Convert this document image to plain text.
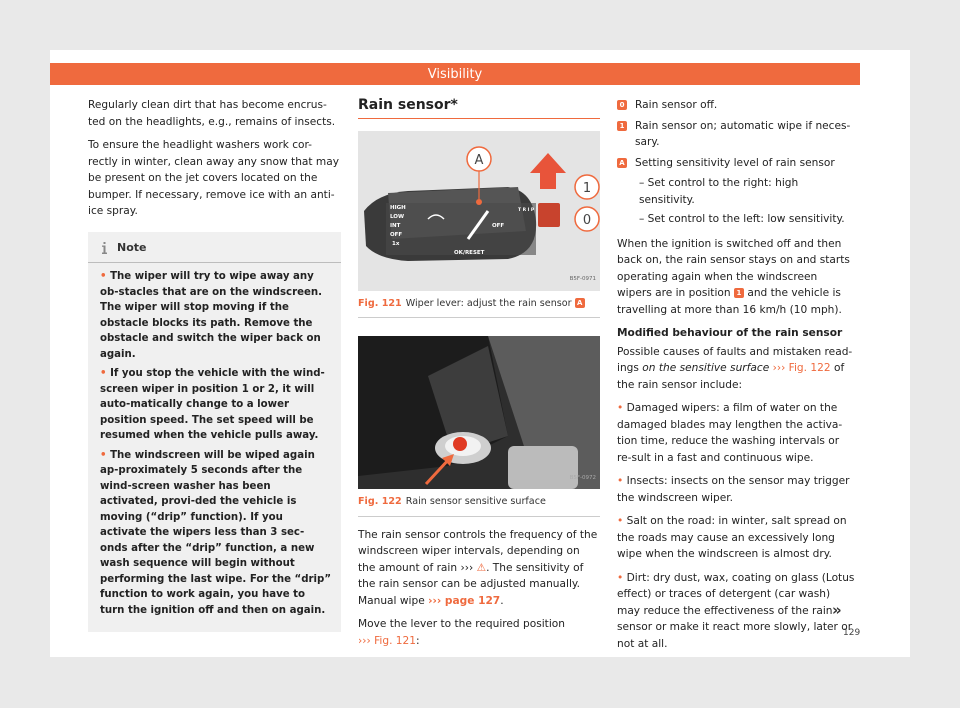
Visibility

Regularly clean dirt that has become encrus-ted on the headlights, e.g., remains of insects.

To ensure the headlight washers work cor-rectly in winter, clean away any snow that may be present on the jet covers located on the bumper. If necessary, remove ice with an anti-ice spray.

Note
• The wiper will try to wipe away any ob-stacles that are on the windscreen. The wiper will stop moving if the obstacle blocks its path. Remove the obstacle and switch the wiper back on again.
• If you stop the vehicle with the wind-screen wiper in position 1 or 2, it will auto-matically change to a lower position speed. The set speed will be resumed when the vehicle pulls away.
• The windscreen will be wiped again ap-proximately 5 seconds after the wind-screen washer has been activated, provi-ded the vehicle is moving (“drip” function). If you activate the wipers less than 3 sec-onds after the “drip” function, a new wash sequence will begin without performing the last wipe. For the “drip” function to work again, you have to turn the ignition off and then on again.
Rain sensor*
HIGH
LOW
INT
OFF
1x
OK/RESET
OFF
T R I P
A
1
0
B5F-0971
Fig. 121 Wiper lever: adjust the rain sensor A
B5F-0972
Fig. 122 Rain sensor sensitive surface

The rain sensor controls the frequency of the windscreen wiper intervals, depending on the amount of rain ››› ⚠. The sensitivity of the rain sensor can be adjusted manually. Manual wipe ››› page 127.

Move the lever to the required position
››› Fig. 121:

0 Rain sensor off.
1 Rain sensor on; automatic wipe if neces-sary.
A Setting sensitivity level of rain sensor
– Set control to the right: high sensitivity.
– Set control to the left: low sensitivity.

When the ignition is switched off and then back on, the rain sensor stays on and starts operating again when the windscreen wipers are in position 1 and the vehicle is travelling at more than 16 km/h (10 mph).

Modified behaviour of the rain sensor

Possible causes of faults and mistaken read-ings on the sensitive surface ››› Fig. 122 of the rain sensor include:

• Damaged wipers: a film of water on the damaged blades may lengthen the activa-tion time, reduce the washing intervals or re-sult in a fast and continuous wipe.

• Insects: insects on the sensor may trigger the windscreen wiper.

• Salt on the road: in winter, salt spread on the roads may cause an excessively long wipe when the windscreen is almost dry.

• Dirt: dry dust, wax, coating on glass (Lotus effect) or traces of detergent (car wash) may reduce the effectiveness of the rain sensor or make it react more slowly, later or not at all.

»
129
